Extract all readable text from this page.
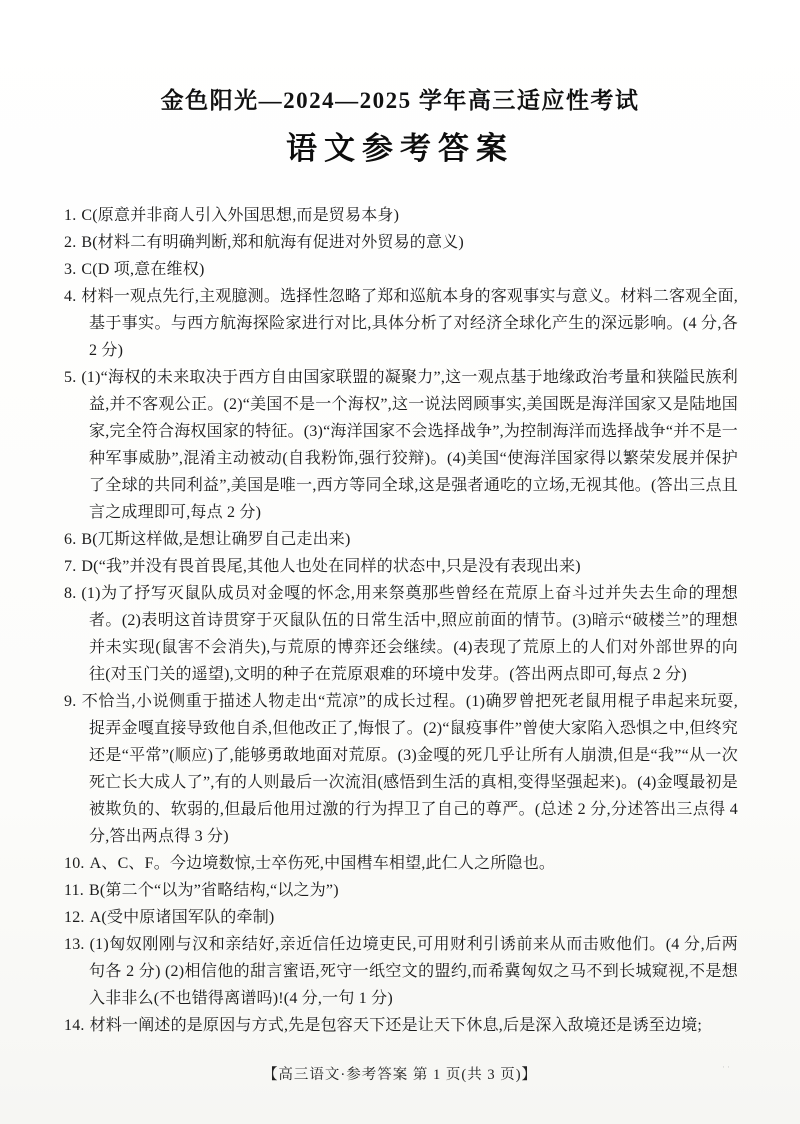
金色阳光—2024—2025 学年高三适应性考试
语文参考答案

1. C(原意并非商人引入外国思想,而是贸易本身)

2. B(材料二有明确判断,郑和航海有促进对外贸易的意义)

3. C(D 项,意在维权)

4. 材料一观点先行,主观臆测。选择性忽略了郑和巡航本身的客观事实与意义。材料二客观全面,基于事实。与西方航海探险家进行对比,具体分析了对经济全球化产生的深远影响。(4 分,各 2 分)

5. (1)“海权的未来取决于西方自由国家联盟的凝聚力”,这一观点基于地缘政治考量和狭隘民族利益,并不客观公正。(2)“美国不是一个海权”,这一说法罔顾事实,美国既是海洋国家又是陆地国家,完全符合海权国家的特征。(3)“海洋国家不会选择战争”,为控制海洋而选择战争“并不是一种军事威胁”,混淆主动被动(自我粉饰,强行狡辩)。(4)美国“使海洋国家得以繁荣发展并保护了全球的共同利益”,美国是唯一,西方等同全球,这是强者通吃的立场,无视其他。(答出三点且言之成理即可,每点 2 分)

6. B(兀斯这样做,是想让确罗自己走出来)

7. D(“我”并没有畏首畏尾,其他人也处在同样的状态中,只是没有表现出来)

8. (1)为了抒写灭鼠队成员对金嘎的怀念,用来祭奠那些曾经在荒原上奋斗过并失去生命的理想者。(2)表明这首诗贯穿于灭鼠队伍的日常生活中,照应前面的情节。(3)暗示“破楼兰”的理想并未实现(鼠害不会消失),与荒原的博弈还会继续。(4)表现了荒原上的人们对外部世界的向往(对玉门关的遥望),文明的种子在荒原艰难的环境中发芽。(答出两点即可,每点 2 分)

9. 不恰当,小说侧重于描述人物走出“荒凉”的成长过程。(1)确罗曾把死老鼠用棍子串起来玩耍,捉弄金嘎直接导致他自杀,但他改正了,悔恨了。(2)“鼠疫事件”曾使大家陷入恐惧之中,但终究还是“平常”(顺应)了,能够勇敢地面对荒原。(3)金嘎的死几乎让所有人崩溃,但是“我”“从一次死亡长大成人了”,有的人则最后一次流泪(感悟到生活的真相,变得坚强起来)。(4)金嘎最初是被欺负的、软弱的,但最后他用过激的行为捍卫了自己的尊严。(总述 2 分,分述答出三点得 4 分,答出两点得 3 分)

10. A、C、F。今边境数惊,士卒伤死,中国槥车相望,此仁人之所隐也。

11. B(第二个“以为”省略结构,“以之为”)

12. A(受中原诸国军队的牵制)

13. (1)匈奴刚刚与汉和亲结好,亲近信任边境吏民,可用财利引诱前来从而击败他们。(4 分,后两句各 2 分) (2)相信他的甜言蜜语,死守一纸空文的盟约,而希冀匈奴之马不到长城窥视,不是想入非非么(不也错得离谱吗)!(4 分,一句 1 分)

14. 材料一阐述的是原因与方式,先是包容天下还是让天下休息,后是深入敌境还是诱至边境;

【高三语文·参考答案 第 1 页(共 3 页)】	··
